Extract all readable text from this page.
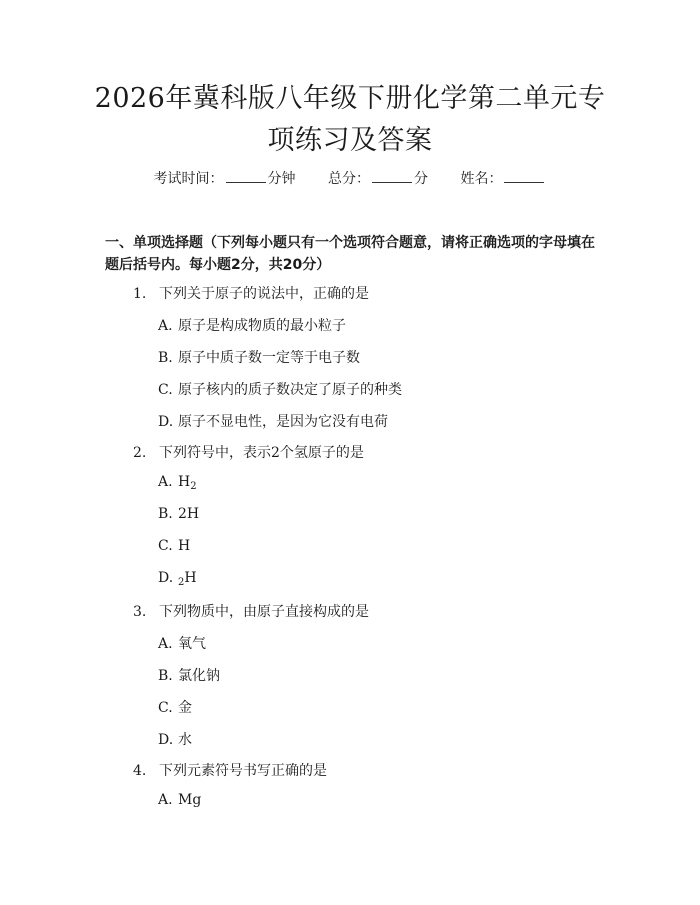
2026年冀科版八年级下册化学第二单元专项练习及答案
考试时间：	分钟 总分：	分 姓名：
一、单项选择题（下列每小题只有一个选项符合题意，请将正确选项的字母填在题后括号内。每小题2分，共20分）
1. 下列关于原子的说法中，正确的是
A. 原子是构成物质的最小粒子
B. 原子中质子数一定等于电子数
C. 原子核内的质子数决定了原子的种类
D. 原子不显电性，是因为它没有电荷
2. 下列符号中，表示2个氢原子的是
A. $H_2$
B. 2H
C. H
D. $_2$H
3. 下列物质中，由原子直接构成的是
A. 氧气
B. 氯化钠
C. 金
D. 水
4. 下列元素符号书写正确的是
A. Mg
